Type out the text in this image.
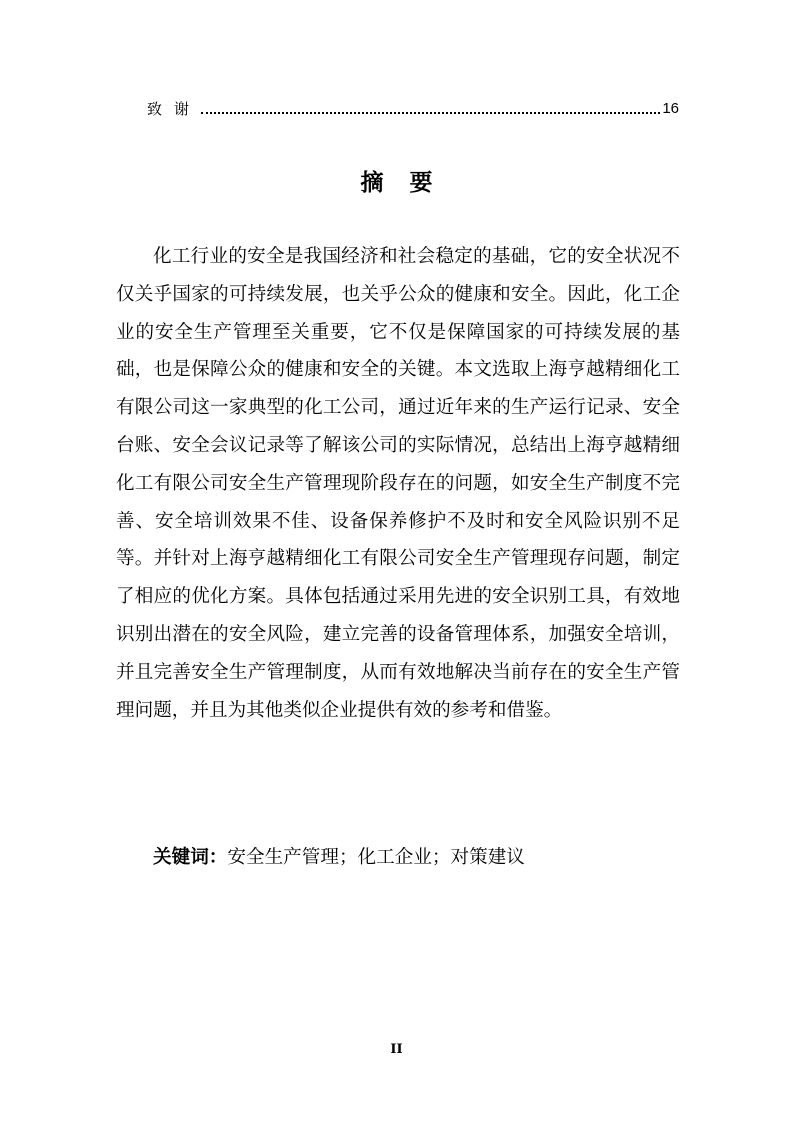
致谢	16
摘要

化工行业的安全是我国经济和社会稳定的基础，它的安全状况不仅关乎国家的可持续发展，也关乎公众的健康和安全。因此，化工企业的安全生产管理至关重要，它不仅是保障国家的可持续发展的基础，也是保障公众的健康和安全的关键。本文选取上海亨越精细化工有限公司这一家典型的化工公司，通过近年来的生产运行记录、安全台账、安全会议记录等了解该公司的实际情况，总结出上海亨越精细化工有限公司安全生产管理现阶段存在的问题，如安全生产制度不完善、安全培训效果不佳、设备保养修护不及时和安全风险识别不足等。并针对上海亨越精细化工有限公司安全生产管理现存问题，制定了相应的优化方案。具体包括通过采用先进的安全识别工具，有效地识别出潜在的安全风险，建立完善的设备管理体系，加强安全培训，并且完善安全生产管理制度，从而有效地解决当前存在的安全生产管理问题，并且为其他类似企业提供有效的参考和借鉴。

关键词：安全生产管理；化工企业；对策建议
II
